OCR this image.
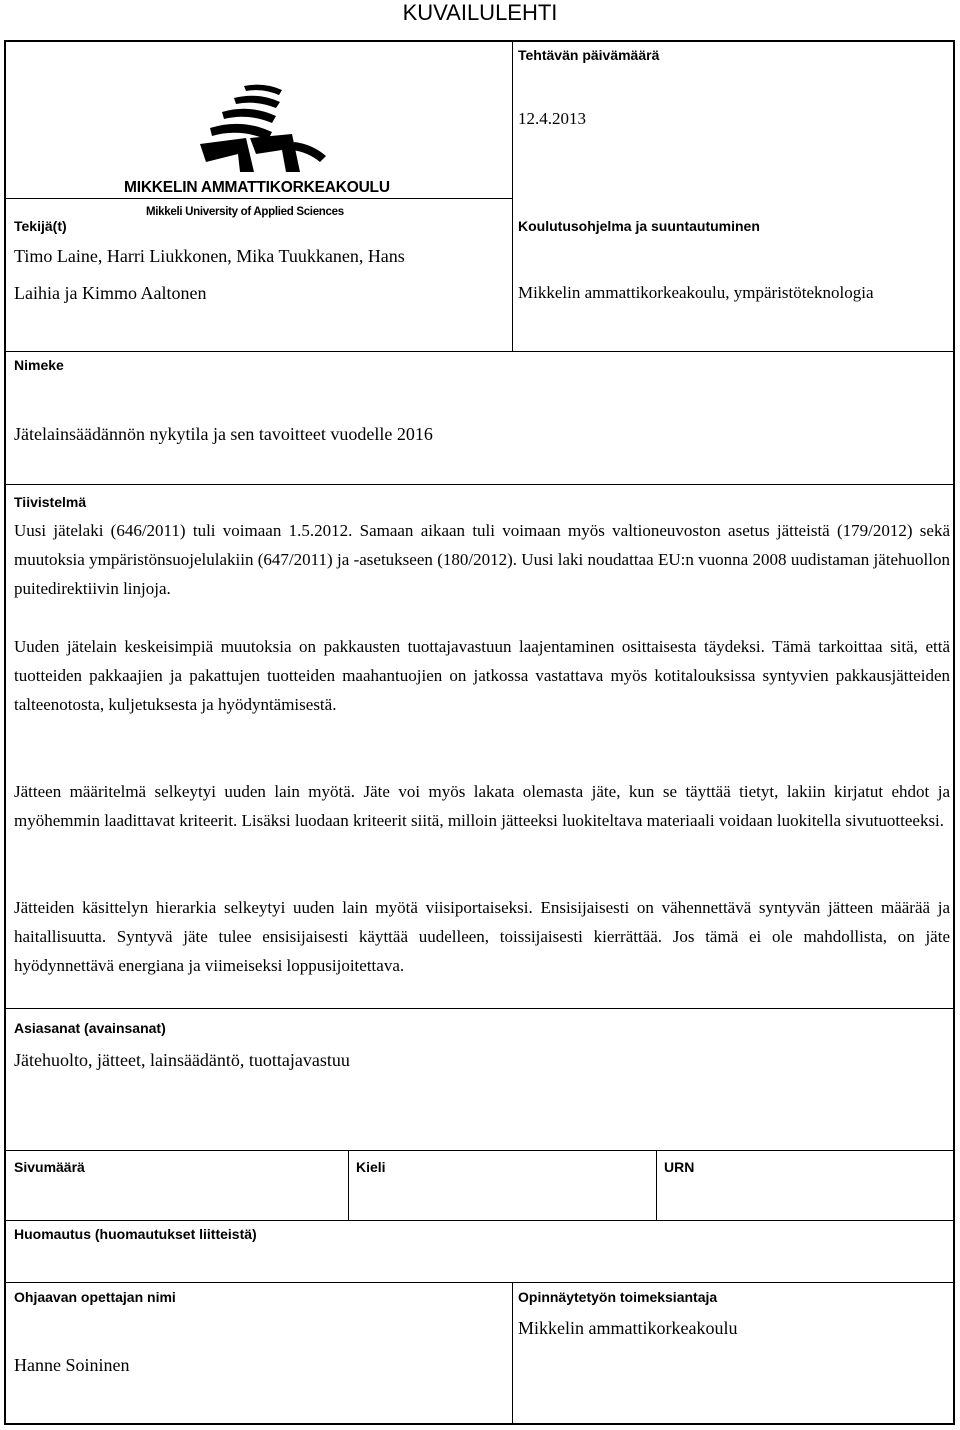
KUVAILULEHTI
MIKKELIN AMMATTIKORKEAKOULU
Mikkeli University of Applied Sciences
Tehtävän päivämäärä
12.4.2013
Tekijä(t)
Timo Laine, Harri Liukkonen, Mika Tuukkanen, Hans
Laihia ja Kimmo Aaltonen
Koulutusohjelma ja suuntautuminen
Mikkelin ammattikorkeakoulu, ympäristöteknologia
Nimeke
Jätelainsäädännön nykytila ja sen tavoitteet vuodelle 2016
Tiivistelmä

Uusi jätelaki (646/2011) tuli voimaan 1.5.2012. Samaan aikaan tuli voimaan myös valtioneuvoston asetus jätteistä (179/2012) sekä muutoksia ympäristönsuojelulakiin (647/2011) ja -asetukseen (180/2012). Uusi laki noudattaa EU:n vuonna 2008 uudistaman jätehuollon puitedirektiivin linjoja.

Uuden jätelain keskeisimpiä muutoksia on pakkausten tuottajavastuun laajentaminen osittaisesta täydeksi. Tämä tarkoittaa sitä, että tuotteiden pakkaajien ja pakattujen tuotteiden maahantuojien on jatkossa vastattava myös kotitalouksissa syntyvien pakkausjätteiden talteenotosta, kuljetuksesta ja hyödyntämisestä.

Jätteen määritelmä selkeytyi uuden lain myötä. Jäte voi myös lakata olemasta jäte, kun se täyttää tietyt, lakiin kirjatut ehdot ja myöhemmin laadittavat kriteerit. Lisäksi luodaan kriteerit siitä, milloin jätteeksi luokiteltava materiaali voidaan luokitella sivutuotteeksi.

Jätteiden käsittelyn hierarkia selkeytyi uuden lain myötä viisiportaiseksi. Ensisijaisesti on vähennettävä syntyvän jätteen määrää ja haitallisuutta. Syntyvä jäte tulee ensisijaisesti käyttää uudelleen, toissijaisesti kierrättää. Jos tämä ei ole mahdollista, on jäte hyödynnettävä energiana ja viimeiseksi loppusijoitettava.

Asiasanat (avainsanat)
Jätehuolto, jätteet, lainsäädäntö, tuottajavastuu
Sivumäärä	Kieli	URN
Huomautus (huomautukset liitteistä)
Ohjaavan opettajan nimi
Hanne Soininen
Opinnäytetyön toimeksiantaja
Mikkelin ammattikorkeakoulu
